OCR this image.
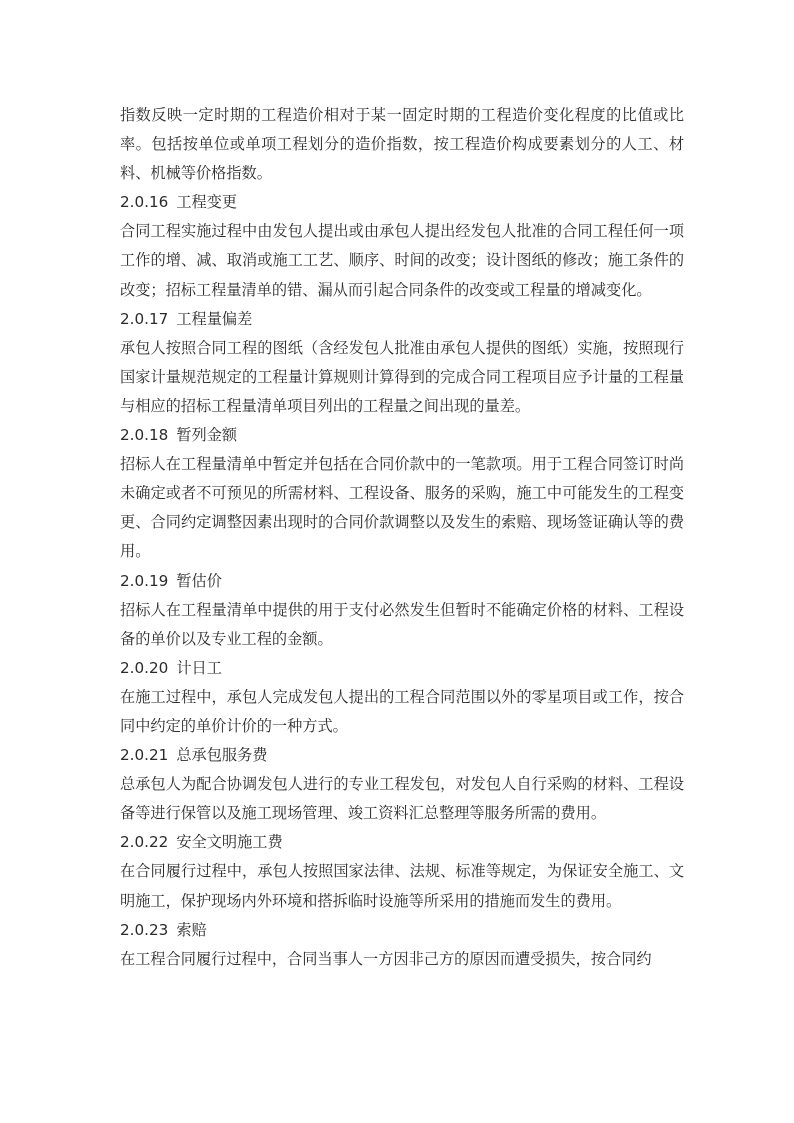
指数反映一定时期的工程造价相对于某一固定时期的工程造价变化程度的比值或比率。包括按单位或单项工程划分的造价指数，按工程造价构成要素划分的人工、材料、机械等价格指数。

2.0.16 工程变更

合同工程实施过程中由发包人提出或由承包人提出经发包人批准的合同工程任何一项工作的增、减、取消或施工工艺、顺序、时间的改变；设计图纸的修改；施工条件的改变；招标工程量清单的错、漏从而引起合同条件的改变或工程量的增减变化。

2.0.17 工程量偏差

承包人按照合同工程的图纸（含经发包人批准由承包人提供的图纸）实施，按照现行国家计量规范规定的工程量计算规则计算得到的完成合同工程项目应予计量的工程量与相应的招标工程量清单项目列出的工程量之间出现的量差。

2.0.18 暂列金额

招标人在工程量清单中暂定并包括在合同价款中的一笔款项。用于工程合同签订时尚未确定或者不可预见的所需材料、工程设备、服务的采购，施工中可能发生的工程变更、合同约定调整因素出现时的合同价款调整以及发生的索赔、现场签证确认等的费用。

2.0.19 暂估价

招标人在工程量清单中提供的用于支付必然发生但暂时不能确定价格的材料、工程设备的单价以及专业工程的金额。

2.0.20 计日工

在施工过程中，承包人完成发包人提出的工程合同范围以外的零星项目或工作，按合同中约定的单价计价的一种方式。

2.0.21 总承包服务费

总承包人为配合协调发包人进行的专业工程发包，对发包人自行采购的材料、工程设备等进行保管以及施工现场管理、竣工资料汇总整理等服务所需的费用。

2.0.22 安全文明施工费

在合同履行过程中，承包人按照国家法律、法规、标准等规定，为保证安全施工、文明施工，保护现场内外环境和搭拆临时设施等所采用的措施而发生的费用。

2.0.23 索赔

在工程合同履行过程中，合同当事人一方因非己方的原因而遭受损失，按合同约
